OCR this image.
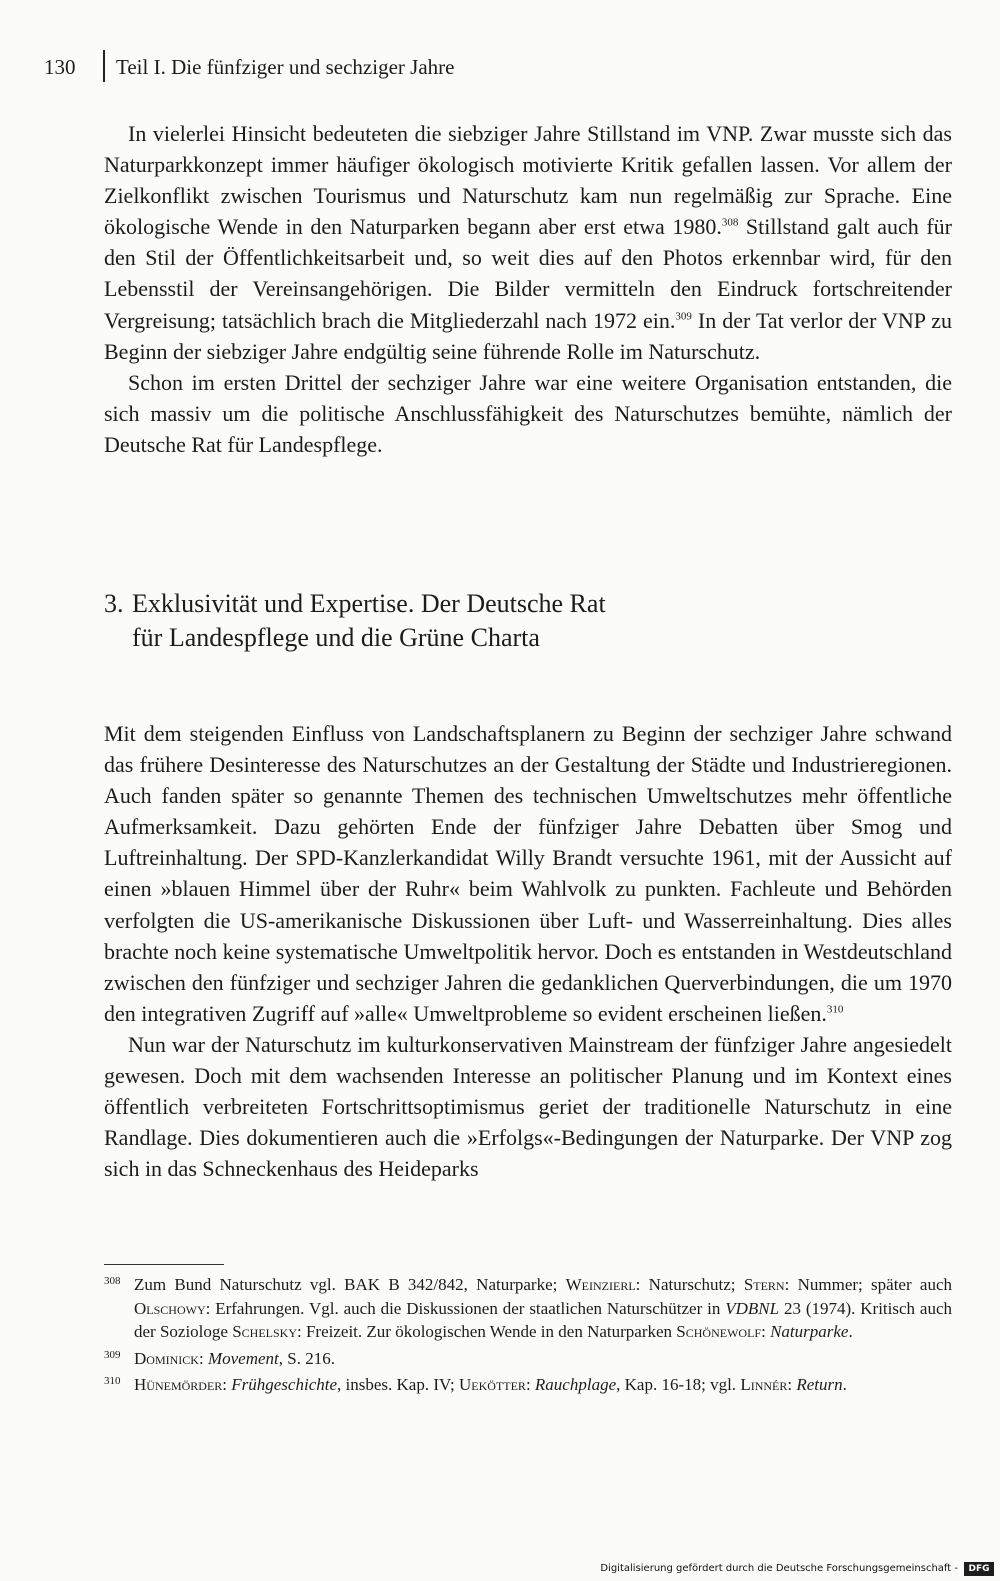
130 Teil I. Die fünfziger und sechziger Jahre

In vielerlei Hinsicht bedeuteten die siebziger Jahre Stillstand im VNP. Zwar musste sich das Naturparkkonzept immer häufiger ökologisch motivierte Kritik gefallen lassen. Vor allem der Zielkonflikt zwischen Tourismus und Naturschutz kam nun regelmäßig zur Sprache. Eine ökologische Wende in den Naturparken begann aber erst etwa 1980.$^{308}$ Stillstand galt auch für den Stil der Öffentlichkeitsarbeit und, so weit dies auf den Photos erkennbar wird, für den Lebensstil der Vereinsangehörigen. Die Bilder vermitteln den Eindruck fortschreitender Vergreisung; tatsächlich brach die Mitgliederzahl nach 1972 ein.$^{309}$ In der Tat verlor der VNP zu Beginn der siebziger Jahre endgültig seine führende Rolle im Naturschutz.

Schon im ersten Drittel der sechziger Jahre war eine weitere Organisation entstanden, die sich massiv um die politische Anschlussfähigkeit des Naturschutzes bemühte, nämlich der Deutsche Rat für Landespflege.

3. Exklusivität und Expertise. Der Deutsche Rat
für Landespflege und die Grüne Charta

Mit dem steigenden Einfluss von Landschaftsplanern zu Beginn der sechziger Jahre schwand das frühere Desinteresse des Naturschutzes an der Gestaltung der Städte und Industrieregionen. Auch fanden später so genannte Themen des technischen Umweltschutzes mehr öffentliche Aufmerksamkeit. Dazu gehörten Ende der fünfziger Jahre Debatten über Smog und Luftreinhaltung. Der SPD-Kanzlerkandidat Willy Brandt versuchte 1961, mit der Aussicht auf einen »blauen Himmel über der Ruhr« beim Wahlvolk zu punkten. Fachleute und Behörden verfolgten die US-amerikanische Diskussionen über Luft- und Wasserreinhaltung. Dies alles brachte noch keine systematische Umweltpolitik hervor. Doch es entstanden in Westdeutschland zwischen den fünfziger und sechziger Jahren die gedanklichen Querverbindungen, die um 1970 den integrativen Zugriff auf »alle« Umweltprobleme so evident erscheinen ließen.$^{310}$

Nun war der Naturschutz im kulturkonservativen Mainstream der fünfziger Jahre angesiedelt gewesen. Doch mit dem wachsenden Interesse an politischer Planung und im Kontext eines öffentlich verbreiteten Fortschrittsoptimismus geriet der traditionelle Naturschutz in eine Randlage. Dies dokumentieren auch die »Erfolgs«-Bedingungen der Naturparke. Der VNP zog sich in das Schneckenhaus des Heideparks

308 Zum Bund Naturschutz vgl. BAK B 342/842, Naturparke; Weinzierl: Naturschutz; Stern: Nummer; später auch Olschowy: Erfahrungen. Vgl. auch die Diskussionen der staatlichen Naturschützer in VDBNL 23 (1974). Kritisch auch der Soziologe Schelsky: Freizeit. Zur ökologischen Wende in den Naturparken Schönewolf: Naturparke.
309 Dominick: Movement, S. 216.
310 Hünemörder: Frühgeschichte, insbes. Kap. IV; Uekötter: Rauchplage, Kap. 16-18; vgl. Linnér: Return.
Digitalisierung gefördert durch die Deutsche Forschungsgemeinschaft -	DFG
